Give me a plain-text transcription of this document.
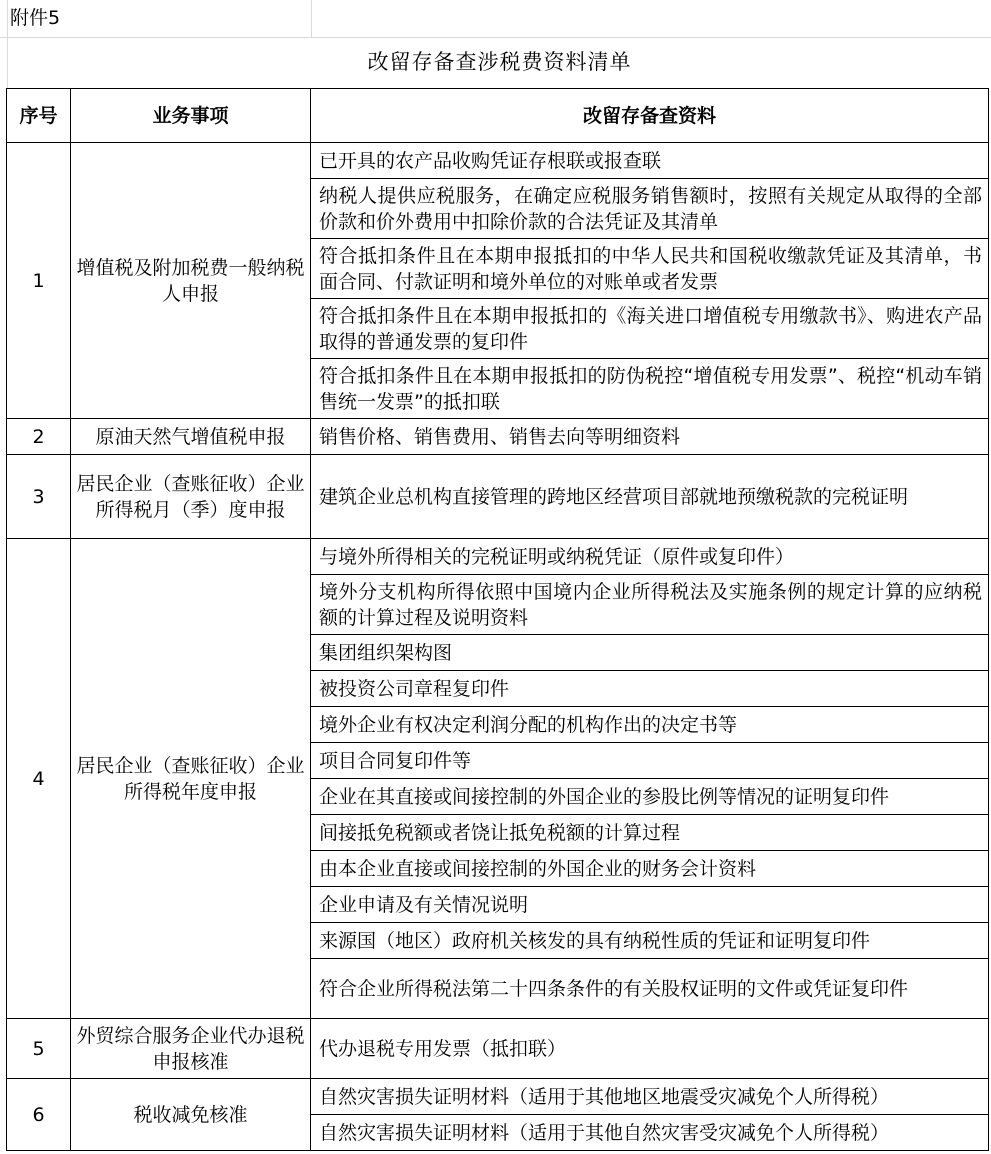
附件5
改留存备查涉税费资料清单
序号	业务事项	改留存备查资料
1	增值税及附加税费一般纳税人申报	已开具的农产品收购凭证存根联或报查联
		纳税人提供应税服务，在确定应税服务销售额时，按照有关规定从取得的全部价款和价外费用中扣除价款的合法凭证及其清单
		符合抵扣条件且在本期申报抵扣的中华人民共和国税收缴款凭证及其清单，书面合同、付款证明和境外单位的对账单或者发票
		符合抵扣条件且在本期申报抵扣的《海关进口增值税专用缴款书》、购进农产品取得的普通发票的复印件
		符合抵扣条件且在本期申报抵扣的防伪税控“增值税专用发票”、税控“机动车销售统一发票”的抵扣联
2	原油天然气增值税申报	销售价格、销售费用、销售去向等明细资料
3	居民企业（查账征收）企业所得税月（季）度申报	建筑企业总机构直接管理的跨地区经营项目部就地预缴税款的完税证明
4	居民企业（查账征收）企业所得税年度申报	与境外所得相关的完税证明或纳税凭证（原件或复印件）
		境外分支机构所得依照中国境内企业所得税法及实施条例的规定计算的应纳税额的计算过程及说明资料
		集团组织架构图
		被投资公司章程复印件
		境外企业有权决定利润分配的机构作出的决定书等
		项目合同复印件等
		企业在其直接或间接控制的外国企业的参股比例等情况的证明复印件
		间接抵免税额或者饶让抵免税额的计算过程
		由本企业直接或间接控制的外国企业的财务会计资料
		企业申请及有关情况说明
		来源国（地区）政府机关核发的具有纳税性质的凭证和证明复印件
		符合企业所得税法第二十四条条件的有关股权证明的文件或凭证复印件
5	外贸综合服务企业代办退税申报核准	代办退税专用发票（抵扣联）
6	税收减免核准	自然灾害损失证明材料（适用于其他地区地震受灾减免个人所得税）
		自然灾害损失证明材料（适用于其他自然灾害受灾减免个人所得税）
